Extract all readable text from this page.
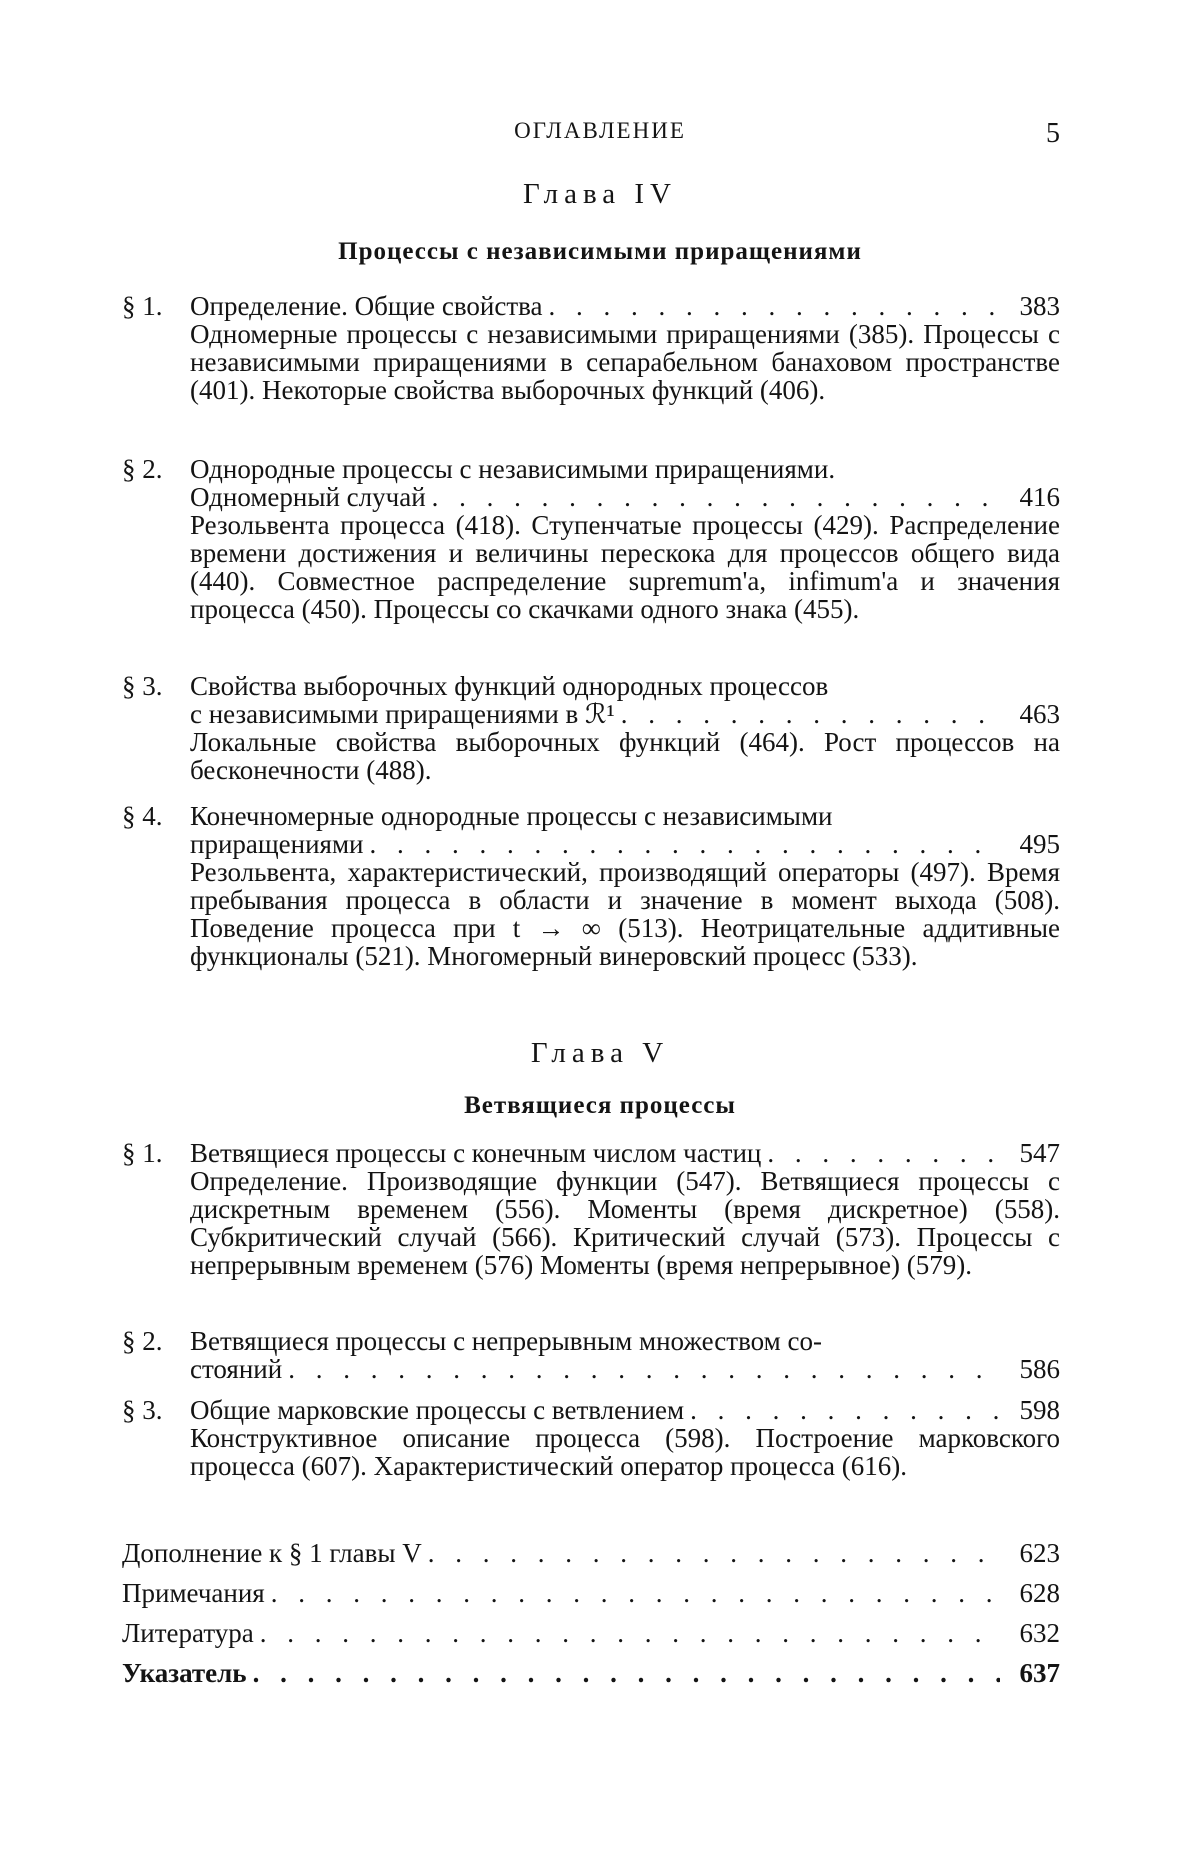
ОГЛАВЛЕНИЕ	5
Глава IV
Процессы с независимыми приращениями
§ 1. Определение. Общие свойства . . .	383
Одномерные процессы с независимыми приращениями (385). Процессы с независимыми приращениями в сепарабельном банаховом пространстве (401). Некоторые свойства выборочных функций (406).
§ 2. Однородные процессы с независимыми приращениями.
Одномерный случай . . .	416
Резольвента процесса (418). Ступенчатые процессы (429). Распределение времени достижения и величины перескока для процессов общего вида (440). Совместное распределение supremum'a, infimum'a и значения процесса (450). Процессы со скачками одного знака (455).
§ 3. Свойства выборочных функций однородных процессов
с независимыми приращениями в ℛ¹ . . .	463
Локальные свойства выборочных функций (464). Рост процессов на бесконечности (488).
§ 4. Конечномерные однородные процессы с независимыми
приращениями . . .	495
Резольвента, характеристический, производящий операторы (497). Время пребывания процесса в области и значение в момент выхода (508). Поведение процесса при t → ∞ (513). Неотрицательные аддитивные функционалы (521). Многомерный винеровский процесс (533).
Глава V
Ветвящиеся процессы
§ 1. Ветвящиеся процессы с конечным числом частиц . . .	547
Определение. Производящие функции (547). Ветвящиеся процессы с дискретным временем (556). Моменты (время дискретное) (558). Субкритический случай (566). Критический случай (573). Процессы с непрерывным временем (576) Моменты (время непрерывное) (579).
§ 2. Ветвящиеся процессы с непрерывным множеством со-
стояний . . .	586
§ 3. Общие марковские процессы с ветвлением . . .	598
Конструктивное описание процесса (598). Построение марковского процесса (607). Характеристический оператор процесса (616).
Дополнение к § 1 главы V . . .	623
Примечания . . .	628
Литература . . .	632
Указатель . . .	637
